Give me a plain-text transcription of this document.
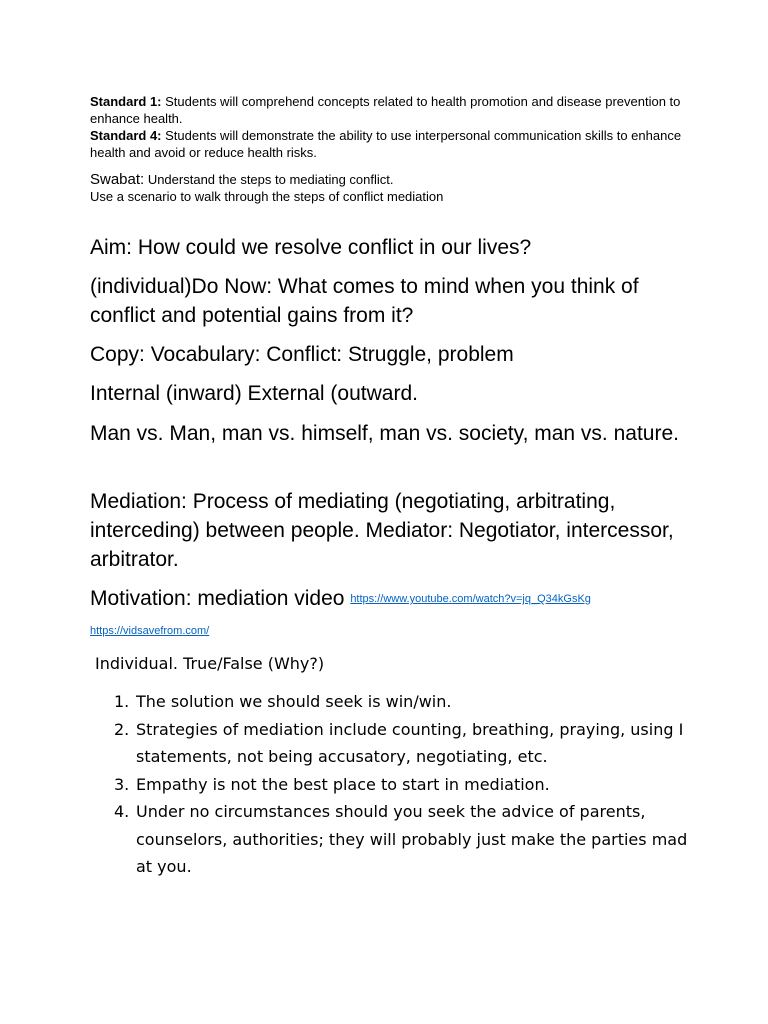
Standard 1: Students will comprehend concepts related to health promotion and disease prevention to enhance health.

Standard 4: Students will demonstrate the ability to use interpersonal communication skills to enhance health and avoid or reduce health risks.

Swabat: Understand the steps to mediating conflict.

Use a scenario to walk through the steps of conflict mediation

Aim: How could we resolve conflict in our lives?

(individual)Do Now: What comes to mind when you think of conflict and potential gains from it?

Copy: Vocabulary: Conflict: Struggle, problem

Internal (inward) External (outward.

Man vs. Man, man vs. himself, man vs. society, man vs. nature.

Mediation: Process of mediating (negotiating, arbitrating, interceding) between people. Mediator: Negotiator, intercessor, arbitrator.

Motivation: mediation video https://www.youtube.com/watch?v=jq_Q34kGsKg

https://vidsavefrom.com/
Individual. True/False (Why?)
1. The solution we should seek is win/win.
2. Strategies of mediation include counting, breathing, praying, using I statements, not being accusatory, negotiating, etc.
3. Empathy is not the best place to start in mediation.
4. Under no circumstances should you seek the advice of parents, counselors, authorities; they will probably just make the parties mad at you.
